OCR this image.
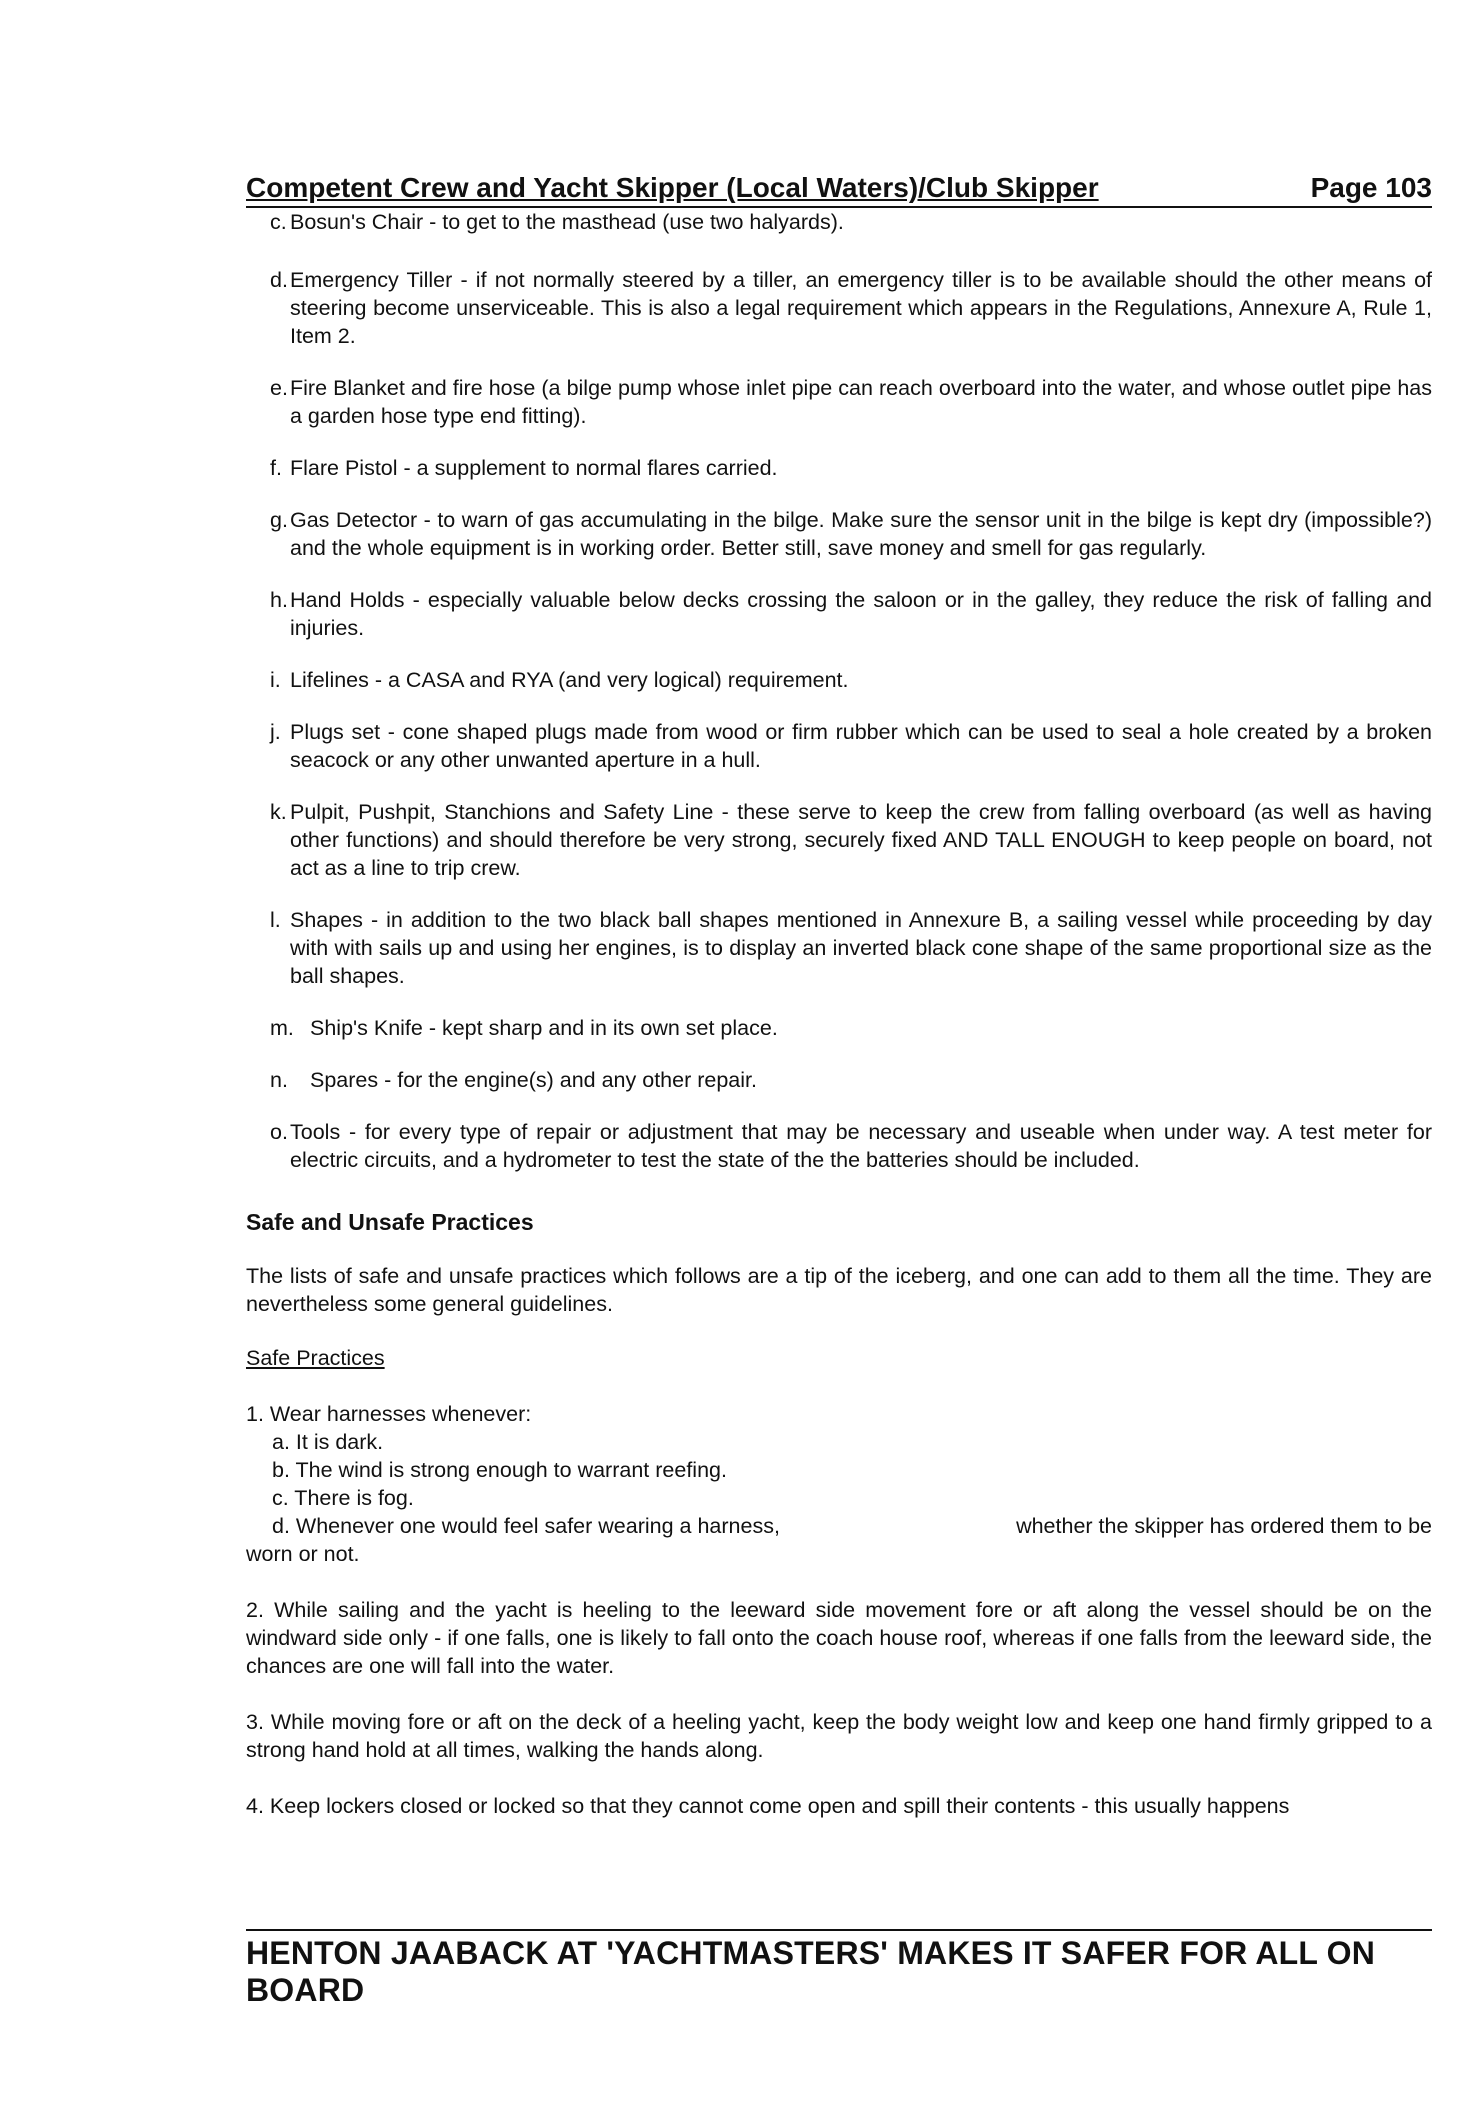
Competent Crew and Yacht Skipper (Local Waters)/Club Skipper	Page 103
c. Bosun's Chair - to get to the masthead (use two halyards).
d. Emergency Tiller - if not normally steered by a tiller, an emergency tiller is to be available should the other means of steering become unserviceable. This is also a legal requirement which appears in the Regulations, Annexure A, Rule 1, Item 2.
e. Fire Blanket and fire hose (a bilge pump whose inlet pipe can reach overboard into the water, and whose outlet pipe has a garden hose type end fitting).
f. Flare Pistol - a supplement to normal flares carried.
g. Gas Detector - to warn of gas accumulating in the bilge. Make sure the sensor unit in the bilge is kept dry (impossible?) and the whole equipment is in working order. Better still, save money and smell for gas regularly.
h. Hand Holds - especially valuable below decks crossing the saloon or in the galley, they reduce the risk of falling and injuries.
i. Lifelines - a CASA and RYA (and very logical) requirement.
j. Plugs set - cone shaped plugs made from wood or firm rubber which can be used to seal a hole created by a broken seacock or any other unwanted aperture in a hull.
k. Pulpit, Pushpit, Stanchions and Safety Line - these serve to keep the crew from falling overboard (as well as having other functions) and should therefore be very strong, securely fixed AND TALL ENOUGH to keep people on board, not act as a line to trip crew.
l. Shapes - in addition to the two black ball shapes mentioned in Annexure B, a sailing vessel while proceeding by day with with sails up and using her engines, is to display an inverted black cone shape of the same proportional size as the ball shapes.
m. Ship's Knife - kept sharp and in its own set place.
n. Spares - for the engine(s) and any other repair.
o. Tools - for every type of repair or adjustment that may be necessary and useable when under way. A test meter for electric circuits, and a hydrometer to test the state of the the batteries should be included.
Safe and Unsafe Practices

The lists of safe and unsafe practices which follows are a tip of the iceberg, and one can add to them all the time. They are nevertheless some general guidelines.

Safe Practices
1. Wear harnesses whenever:
a. It is dark.
b. The wind is strong enough to warrant reefing.
c. There is fog.
d. Whenever one would feel safer wearing a harness,	whether the skipper has ordered them to be
worn or not.
2. While sailing and the yacht is heeling to the leeward side movement fore or aft along the vessel should be on the windward side only - if one falls, one is likely to fall onto the coach house roof, whereas if one falls from the leeward side, the chances are one will fall into the water.
3. While moving fore or aft on the deck of a heeling yacht, keep the body weight low and keep one hand firmly gripped to a strong hand hold at all times, walking the hands along.
4. Keep lockers closed or locked so that they cannot come open and spill their contents - this usually happens
HENTON JAABACK AT 'YACHTMASTERS' MAKES IT SAFER FOR ALL ON BOARD
